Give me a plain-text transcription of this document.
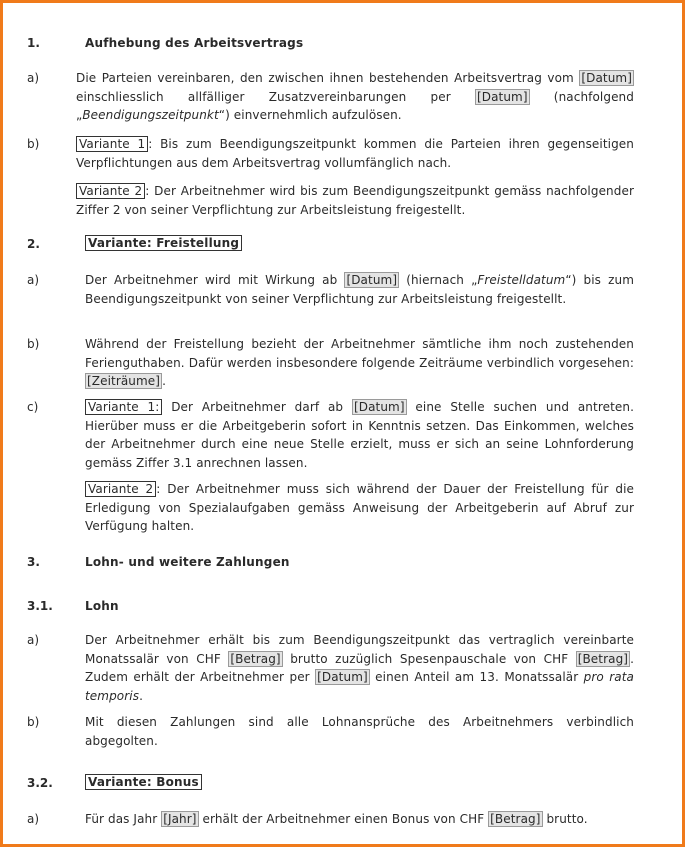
1.	Aufhebung des Arbeitsvertrags
a)	Die Parteien vereinbaren, den zwischen ihnen bestehenden Arbeitsvertrag vom [Datum] einschliesslich allfälliger Zusatzvereinbarungen per [Datum] (nachfolgend „Beendigungszeitpunkt“) einvernehmlich aufzulösen.
b)	Variante 1 : Bis zum Beendigungszeitpunkt kommen die Parteien ihren gegenseitigen Verpflichtungen aus dem Arbeitsvertrag vollumfänglich nach.
Variante 2 : Der Arbeitnehmer wird bis zum Beendigungszeitpunkt gemäss nachfolgender Ziffer 2 von seiner Verpflichtung zur Arbeitsleistung freigestellt.
2.	Variante: Freistellung
a)	Der Arbeitnehmer wird mit Wirkung ab [Datum] (hiernach „Freistelldatum“) bis zum Beendigungszeitpunkt von seiner Verpflichtung zur Arbeitsleistung freigestellt.
b)	Während der Freistellung bezieht der Arbeitnehmer sämtliche ihm noch zustehenden Ferienguthaben. Dafür werden insbesondere folgende Zeiträume verbindlich vorgesehen: [Zeiträume] .
c)	Variante 1: Der Arbeitnehmer darf ab [Datum] eine Stelle suchen und antreten. Hierüber muss er die Arbeitgeberin sofort in Kenntnis setzen. Das Einkommen, welches der Arbeitnehmer durch eine neue Stelle erzielt, muss er sich an seine Lohnforderung gemäss Ziffer 3.1 anrechnen lassen.
Variante 2 : Der Arbeitnehmer muss sich während der Dauer der Freistellung für die Erledigung von Spezialaufgaben gemäss Anweisung der Arbeitgeberin auf Abruf zur Verfügung halten.
3.	Lohn- und weitere Zahlungen
3.1.	Lohn
a)	Der Arbeitnehmer erhält bis zum Beendigungszeitpunkt das vertraglich vereinbarte Monatssalär von CHF [Betrag] brutto zuzüglich Spesenpauschale von CHF [Betrag] . Zudem erhält der Arbeitnehmer per [Datum] einen Anteil am 13. Monatssalär pro rata temporis.
b)	Mit diesen Zahlungen sind alle Lohnansprüche des Arbeitnehmers verbindlich abgegolten.
3.2.	Variante: Bonus
a)	Für das Jahr [Jahr] erhält der Arbeitnehmer einen Bonus von CHF [Betrag] brutto.
